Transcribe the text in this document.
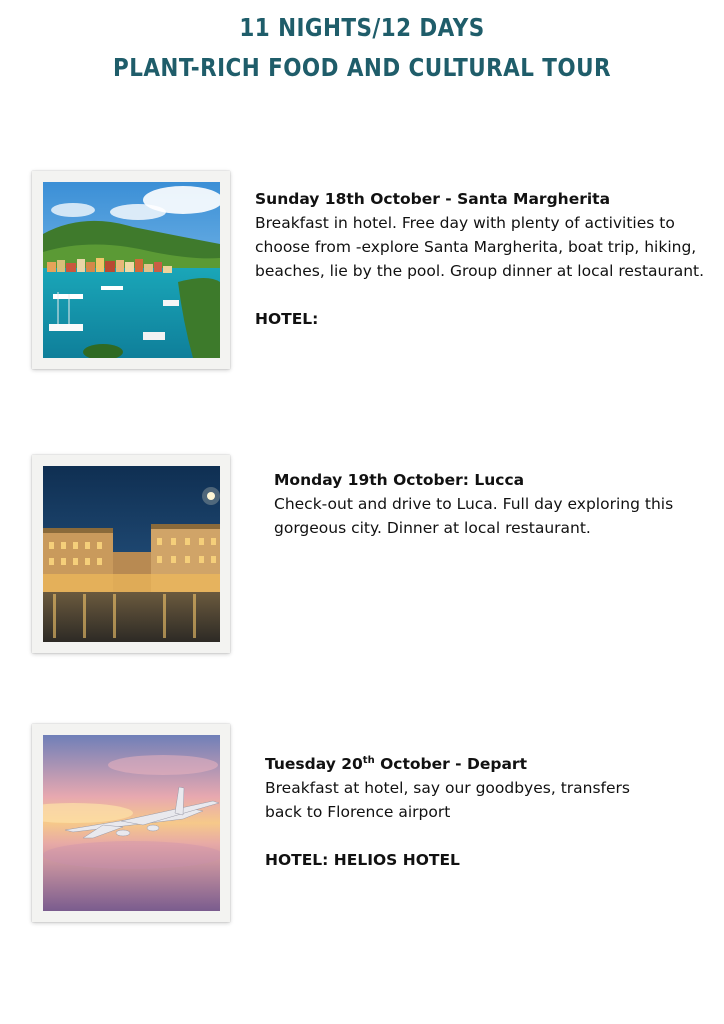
11 NIGHTS/12 DAYS
PLANT-RICH FOOD AND CULTURAL TOUR
Sunday 18th October - Santa Margherita
Breakfast in hotel. Free day with plenty of activities to choose from -explore Santa Margherita, boat trip, hiking, beaches, lie by the pool. Group dinner at local restaurant.
HOTEL:
Monday 19th October: Lucca
Check-out and drive to Luca. Full day exploring this gorgeous city. Dinner at local restaurant.
Tuesday 20th October - Depart
Breakfast at hotel, say our goodbyes, transfers back to Florence airport
HOTEL: HELIOS HOTEL
